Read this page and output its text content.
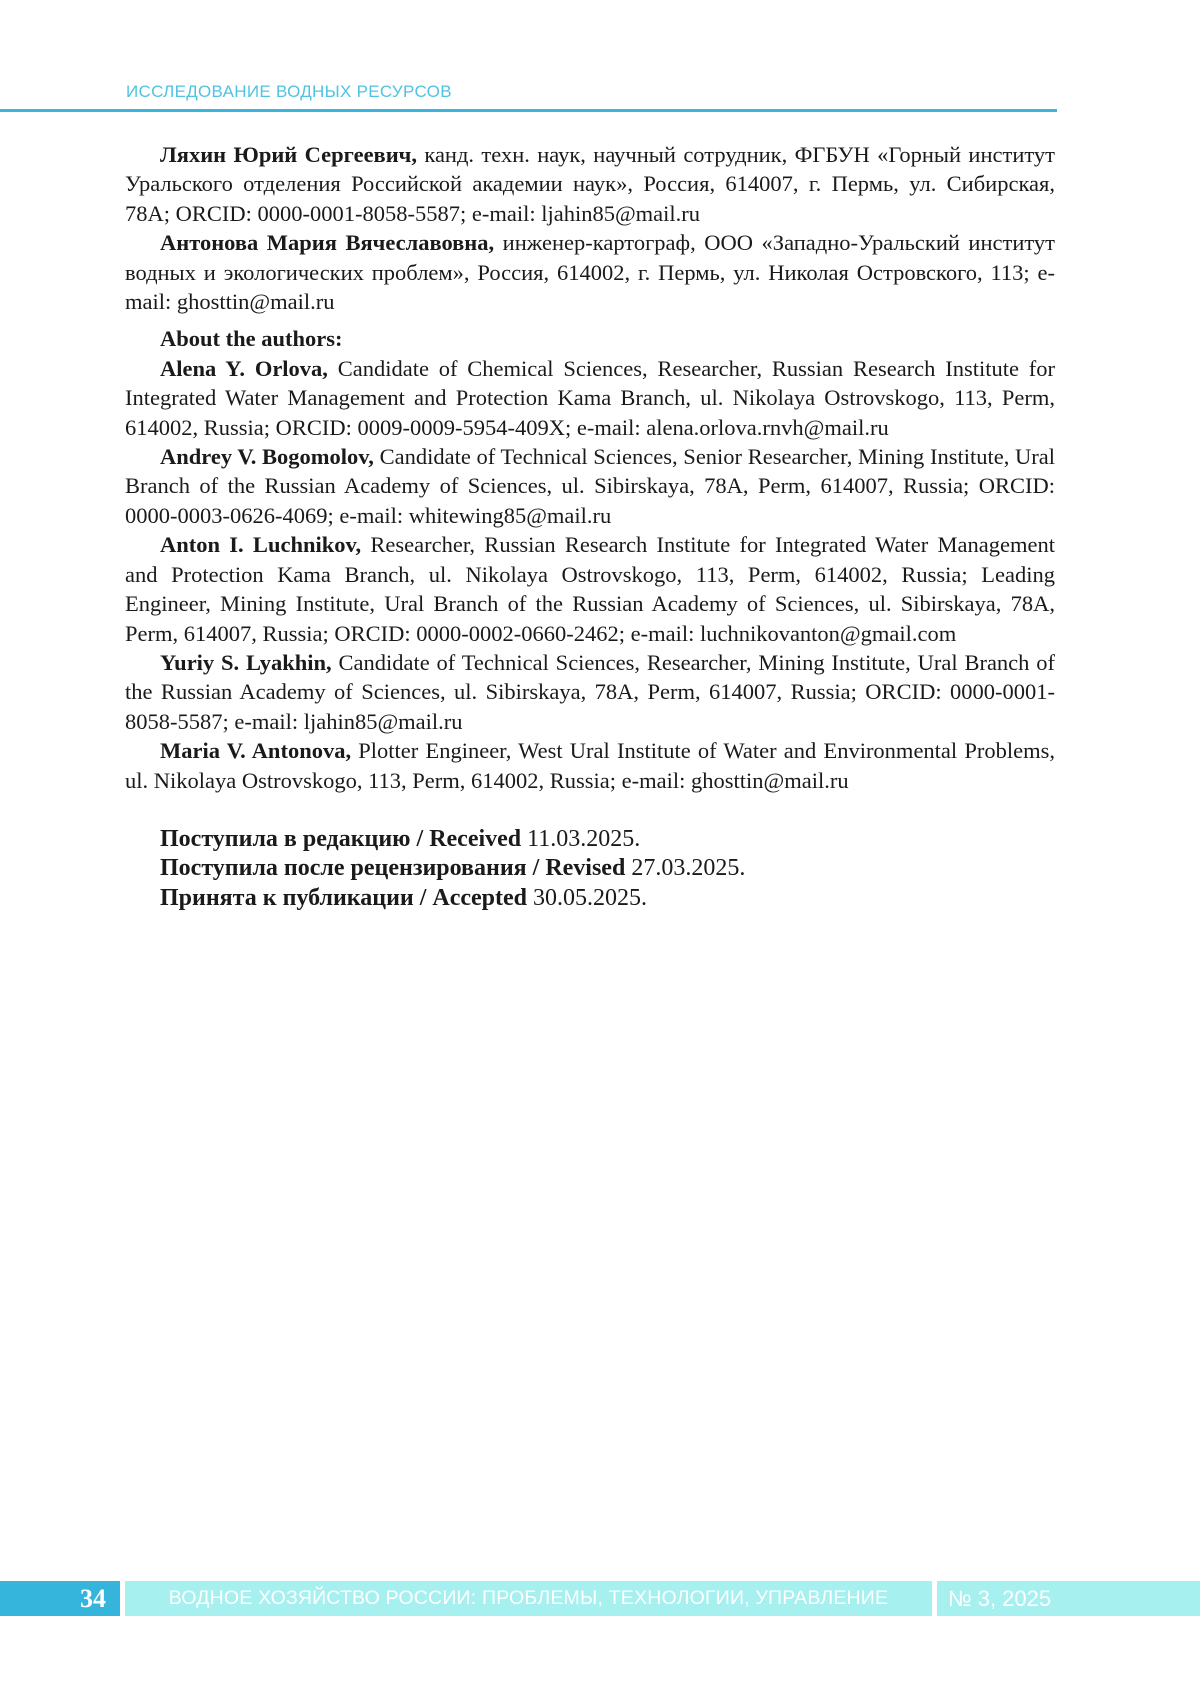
ИССЛЕДОВАНИЕ ВОДНЫХ РЕСУРСОВ

Ляхин Юрий Сергеевич, канд. техн. наук, научный сотрудник, ФГБУН «Горный институт Уральского отделения Российской академии наук», Россия, 614007, г. Пермь, ул. Сибирская, 78А; ORCID: 0000-0001-8058-5587; e-mail: ljahin85@mail.ru

Антонова Мария Вячеславовна, инженер-картограф, ООО «Западно-Уральский институт водных и экологических проблем», Россия, 614002, г. Пермь, ул. Николая Островского, 113; e-mail: ghosttin@mail.ru

About the authors:

Alena Y. Orlova, Candidate of Chemical Sciences, Researcher, Russian Research Institute for Integrated Water Management and Protection Kama Branch, ul. Nikolaya Ostrovskogo, 113, Perm, 614002, Russia; ORCID: 0009-0009-5954-409X; e-mail: alena.orlova.rnvh@mail.ru

Andrey V. Bogomolov, Candidate of Technical Sciences, Senior Researcher, Mining Institute, Ural Branch of the Russian Academy of Sciences, ul. Sibirskaya, 78A, Perm, 614007, Russia; ORCID: 0000-0003-0626-4069; e-mail: whitewing85@mail.ru

Anton I. Luchnikov, Researcher, Russian Research Institute for Integrated Water Management and Protection Kama Branch, ul. Nikolaya Ostrovskogo, 113, Perm, 614002, Russia; Leading Engineer, Mining Institute, Ural Branch of the Russian Academy of Sciences, ul. Sibirskaya, 78A, Perm, 614007, Russia; ORCID: 0000-0002-0660-2462; e-mail: luchnikovanton@gmail.com

Yuriy S. Lyakhin, Candidate of Technical Sciences, Researcher, Mining Institute, Ural Branch of the Russian Academy of Sciences, ul. Sibirskaya, 78A, Perm, 614007, Russia; ORCID: 0000-0001-8058-5587; e-mail: ljahin85@mail.ru

Maria V. Antonova, Plotter Engineer, West Ural Institute of Water and Environmental Problems, ul. Nikolaya Ostrovskogo, 113, Perm, 614002, Russia; e-mail: ghosttin@mail.ru

Поступила в редакцию / Received 11.03.2025.

Поступила после рецензирования / Revised 27.03.2025.

Принята к публикации / Accepted 30.05.2025.

34	ВОДНОЕ ХОЗЯЙСТВО РОССИИ: ПРОБЛЕМЫ, ТЕХНОЛОГИИ, УПРАВЛЕНИЕ	№ 3, 2025
